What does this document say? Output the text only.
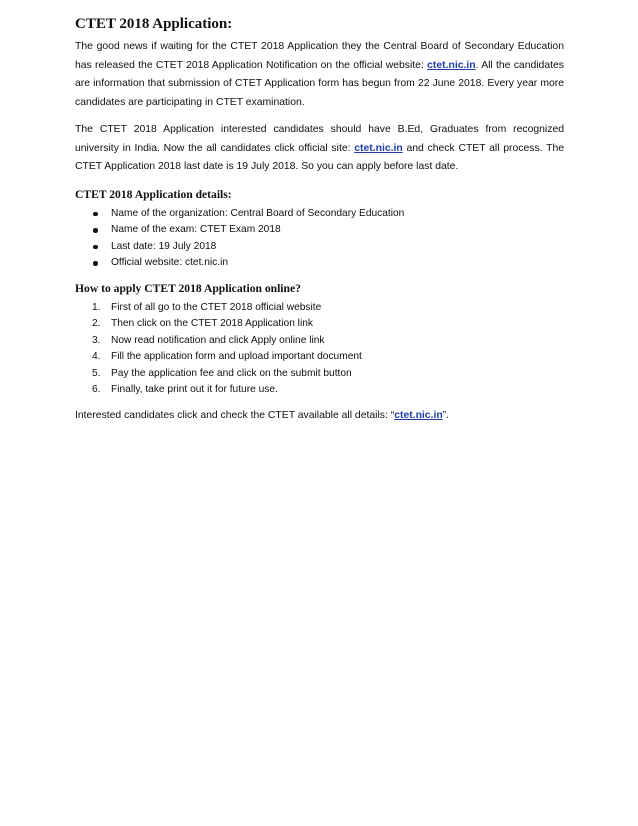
CTET 2018 Application:

The good news if waiting for the CTET 2018 Application they the Central Board of Secondary Education has released the CTET 2018 Application Notification on the official website: ctet.nic.in. All the candidates are information that submission of CTET Application form has begun from 22 June 2018. Every year more candidates are participating in CTET examination.

The CTET 2018 Application interested candidates should have B.Ed, Graduates from recognized university in India. Now the all candidates click official site: ctet.nic.in and check CTET all process. The CTET Application 2018 last date is 19 July 2018. So you can apply before last date.

CTET 2018 Application details:
Name of the organization: Central Board of Secondary Education
Name of the exam: CTET Exam 2018
Last date: 19 July 2018
Official website: ctet.nic.in
How to apply CTET 2018 Application online?
1. First of all go to the CTET 2018 official website
2. Then click on the CTET 2018 Application link
3. Now read notification and click Apply online link
4. Fill the application form and upload important document
5. Pay the application fee and click on the submit button
6. Finally, take print out it for future use.

Interested candidates click and check the CTET available all details: “ctet.nic.in”.
